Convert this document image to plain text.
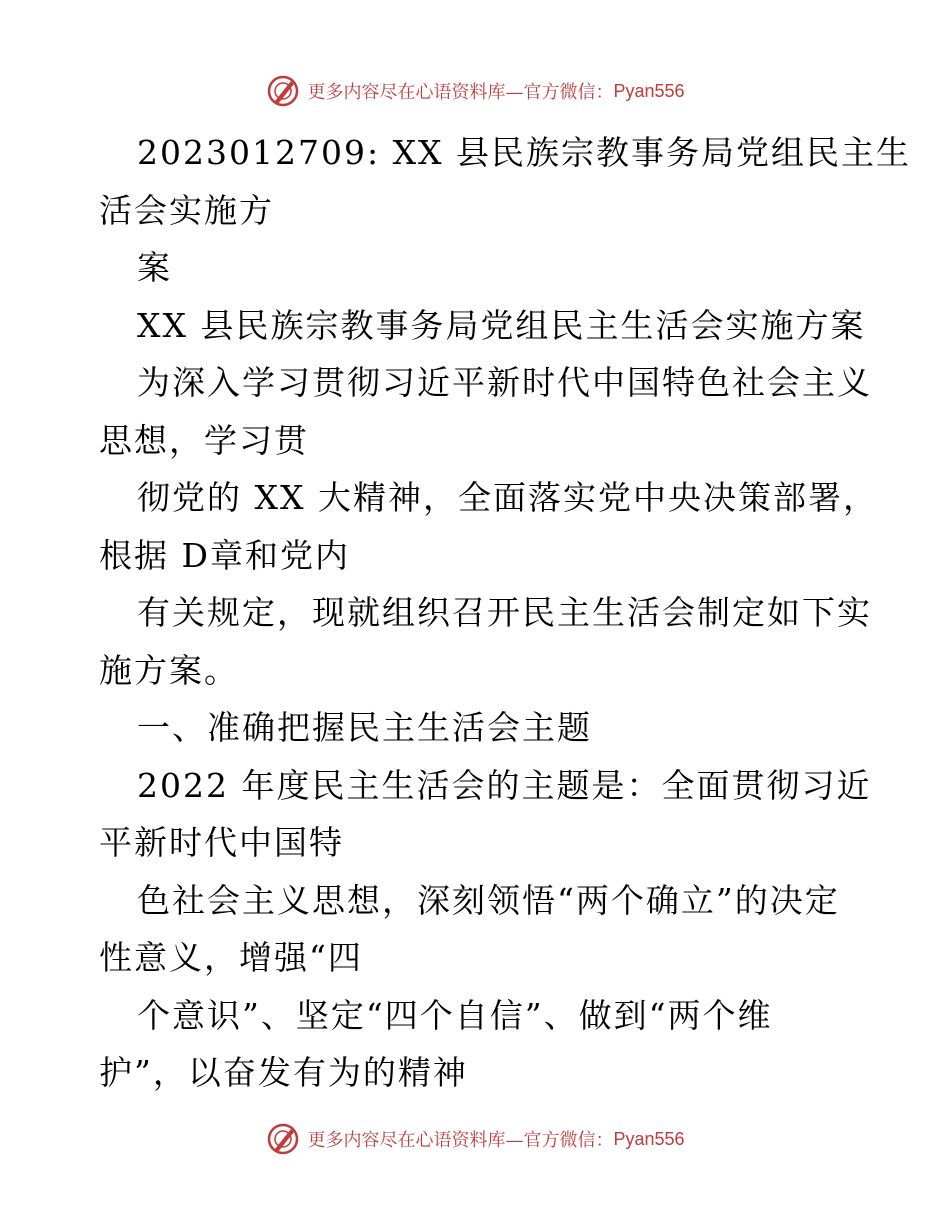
更多内容尽在心语资料库—官方微信： Pyan556
2023012709: XX 县民族宗教事务局党组民主生
活会实施方
案
XX 县民族宗教事务局党组民主生活会实施方案
为深入学习贯彻习近平新时代中国特色社会主义
思想，学习贯
彻党的 XX 大精神，全面落实党中央决策部署，
根据 D章和党内
有关规定，现就组织召开民主生活会制定如下实
施方案。
一、准确把握民主生活会主题
2022 年度民主生活会的主题是：全面贯彻习近
平新时代中国特
色社会主义思想，深刻领悟“两个确立”的决定
性意义，增强“四
个意识”、坚定“四个自信”、做到“两个维
护”，以奋发有为的精神
更多内容尽在心语资料库—官方微信： Pyan556
